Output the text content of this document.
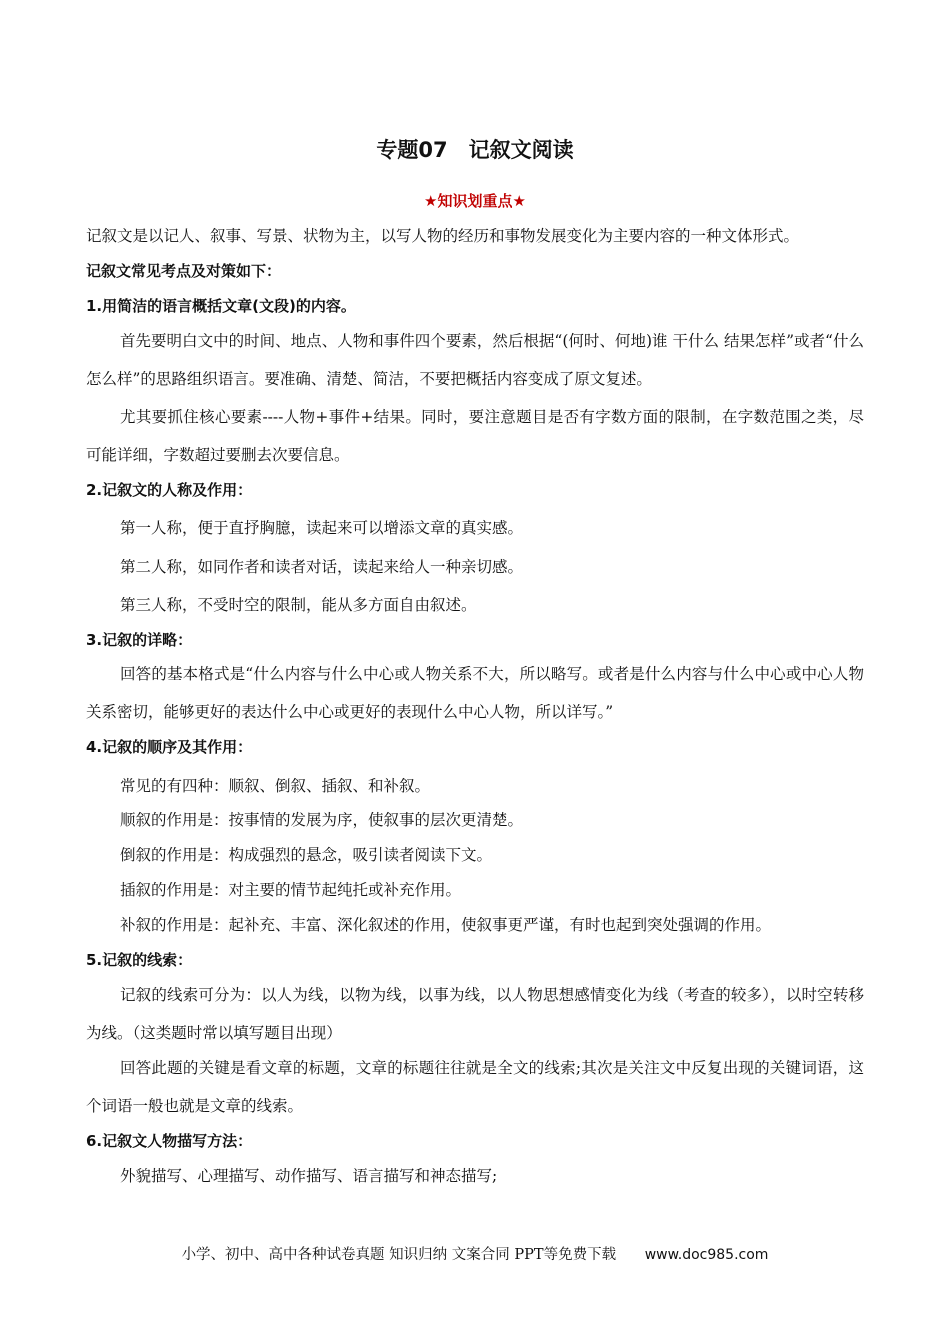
专题07　记叙文阅读
★知识划重点★
记叙文是以记人、叙事、写景、状物为主，以写人物的经历和事物发展变化为主要内容的一种文体形式。
记叙文常见考点及对策如下：
1.用简洁的语言概括文章(文段)的内容。
首先要明白文中的时间、地点、人物和事件四个要素，然后根据“(何时、何地)谁 干什么 结果怎样”或者“什么 怎么样”的思路组织语言。要准确、清楚、简洁，不要把概括内容变成了原文复述。
尤其要抓住核心要素----人物+事件+结果。同时，要注意题目是否有字数方面的限制，在字数范围之类，尽可能详细，字数超过要删去次要信息。
2.记叙文的人称及作用：
第一人称，便于直抒胸臆，读起来可以增添文章的真实感。
第二人称，如同作者和读者对话，读起来给人一种亲切感。
第三人称，不受时空的限制，能从多方面自由叙述。
3.记叙的详略：
回答的基本格式是“什么内容与什么中心或人物关系不大，所以略写。或者是什么内容与什么中心或中心人物关系密切，能够更好的表达什么中心或更好的表现什么中心人物，所以详写。”
4.记叙的顺序及其作用：
常见的有四种：顺叙、倒叙、插叙、和补叙。
顺叙的作用是：按事情的发展为序，使叙事的层次更清楚。
倒叙的作用是：构成强烈的悬念，吸引读者阅读下文。
插叙的作用是：对主要的情节起纯托或补充作用。
补叙的作用是：起补充、丰富、深化叙述的作用，使叙事更严谨，有时也起到突处强调的作用。
5.记叙的线索：
记叙的线索可分为：以人为线，以物为线，以事为线，以人物思想感情变化为线（考查的较多），以时空转移为线。（这类题时常以填写题目出现）
回答此题的关键是看文章的标题，文章的标题往往就是全文的线索;其次是关注文中反复出现的关键词语，这个词语一般也就是文章的线索。
6.记叙文人物描写方法：
外貌描写、心理描写、动作描写、语言描写和神态描写;
小学、初中、高中各种试卷真题 知识归纳 文案合同 PPT等免费下载 www.doc985.com
